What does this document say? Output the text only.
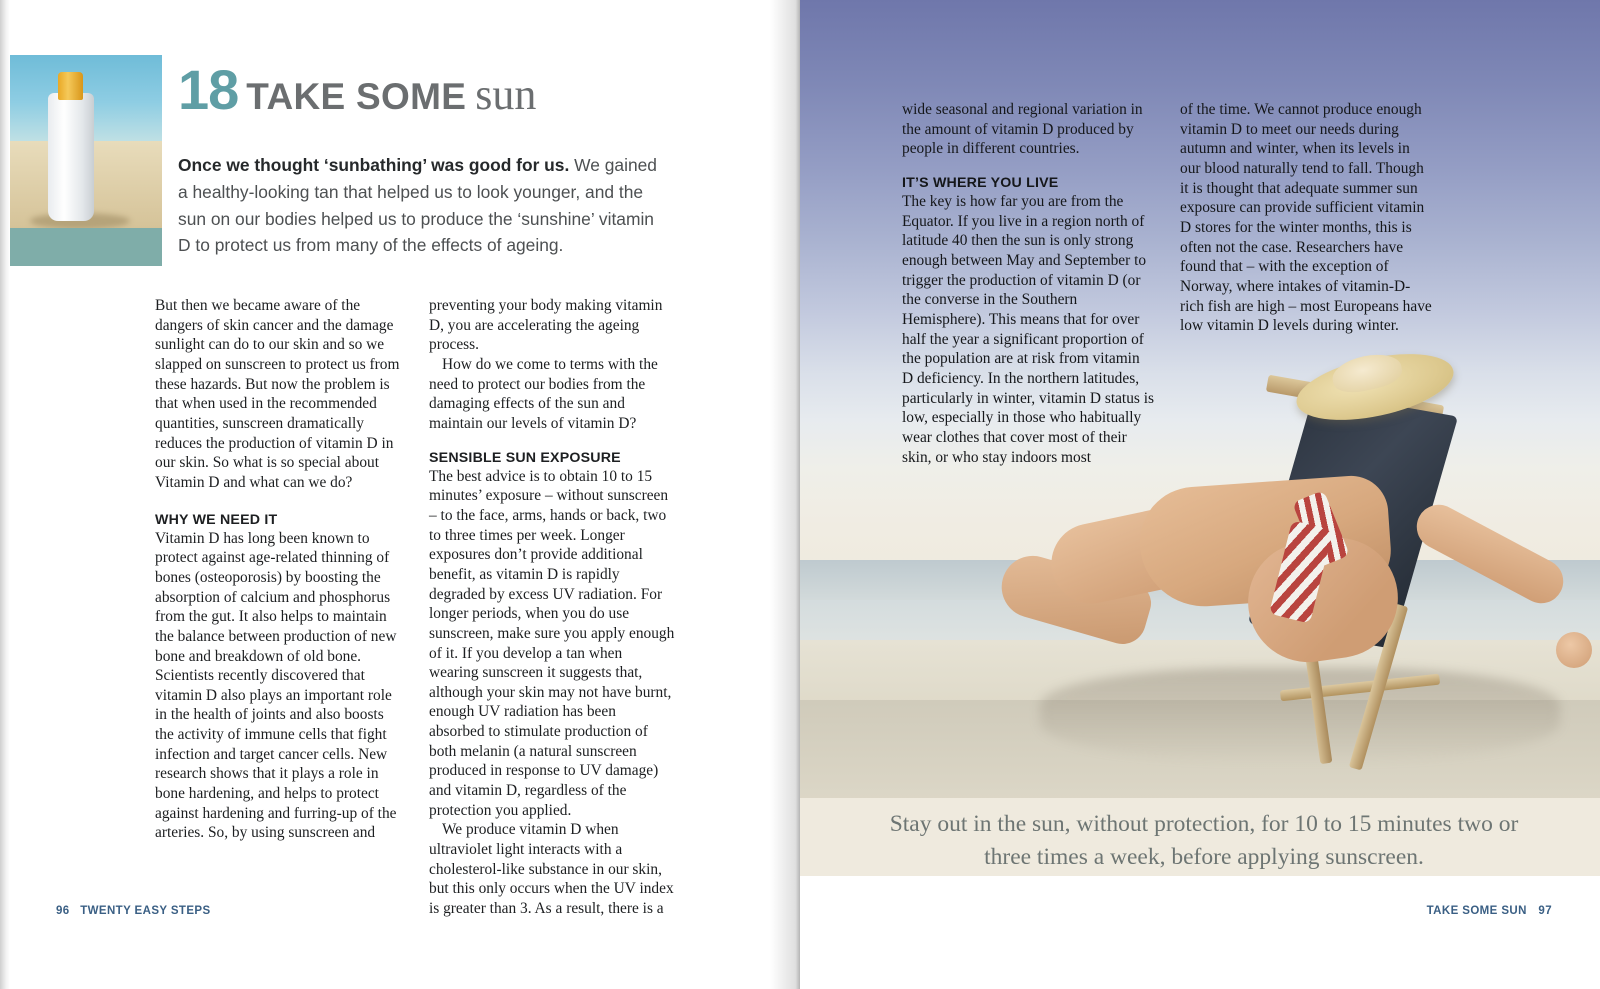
18 TAKE SOME sun
Once we thought ‘sunbathing’ was good for us. We gained a healthy-looking tan that helped us to look younger, and the sun on our bodies helped us to produce the ‘sunshine’ vitamin D to protect us from many of the effects of ageing.

But then we became aware of the dangers of skin cancer and the damage sunlight can do to our skin and so we slapped on sunscreen to protect us from these hazards. But now the problem is that when used in the recommended quantities, sunscreen dramatically reduces the production of vitamin D in our skin. So what is so special about Vitamin D and what can we do?

WHY WE NEED IT

Vitamin D has long been known to protect against age-related thinning of bones (osteoporosis) by boosting the absorption of calcium and phosphorus from the gut. It also helps to maintain the balance between production of new bone and breakdown of old bone. Scientists recently discovered that vitamin D also plays an important role in the health of joints and also boosts the activity of immune cells that fight infection and target cancer cells. New research shows that it plays a role in bone hardening, and helps to protect against hardening and furring-up of the arteries. So, by using sunscreen and

preventing your body making vitamin D, you are accelerating the ageing process.

How do we come to terms with the need to protect our bodies from the damaging effects of the sun and maintain our levels of vitamin D?

SENSIBLE SUN EXPOSURE

The best advice is to obtain 10 to 15 minutes’ exposure – without sunscreen – to the face, arms, hands or back, two to three times per week. Longer exposures don’t provide additional benefit, as vitamin D is rapidly degraded by excess UV radiation. For longer periods, when you do use sunscreen, make sure you apply enough of it. If you develop a tan when wearing sunscreen it suggests that, although your skin may not have burnt, enough UV radiation has been absorbed to stimulate production of both melanin (a natural sunscreen produced in response to UV damage) and vitamin D, regardless of the protection you applied.

We produce vitamin D when ultraviolet light interacts with a cholesterol-like substance in our skin, but this only occurs when the UV index is greater than 3. As a result, there is a

96 TWENTY EASY STEPS

wide seasonal and regional variation in the amount of vitamin D produced by people in different countries.

IT’S WHERE YOU LIVE

The key is how far you are from the Equator. If you live in a region north of latitude 40 then the sun is only strong enough between May and September to trigger the production of vitamin D (or the converse in the Southern Hemisphere). This means that for over half the year a significant proportion of the population are at risk from vitamin D deficiency. In the northern latitudes, particularly in winter, vitamin D status is low, especially in those who habitually wear clothes that cover most of their skin, or who stay indoors most

of the time. We cannot produce enough vitamin D to meet our needs during autumn and winter, when its levels in our blood naturally tend to fall. Though it is thought that adequate summer sun exposure can provide sufficient vitamin D stores for the winter months, this is often not the case. Researchers have found that – with the exception of Norway, where intakes of vitamin-D-rich fish are high – most Europeans have low vitamin D levels during winter.

Stay out in the sun, without protection, for 10 to 15 minutes two or three times a week, before applying sunscreen.
TAKE SOME SUN 97
